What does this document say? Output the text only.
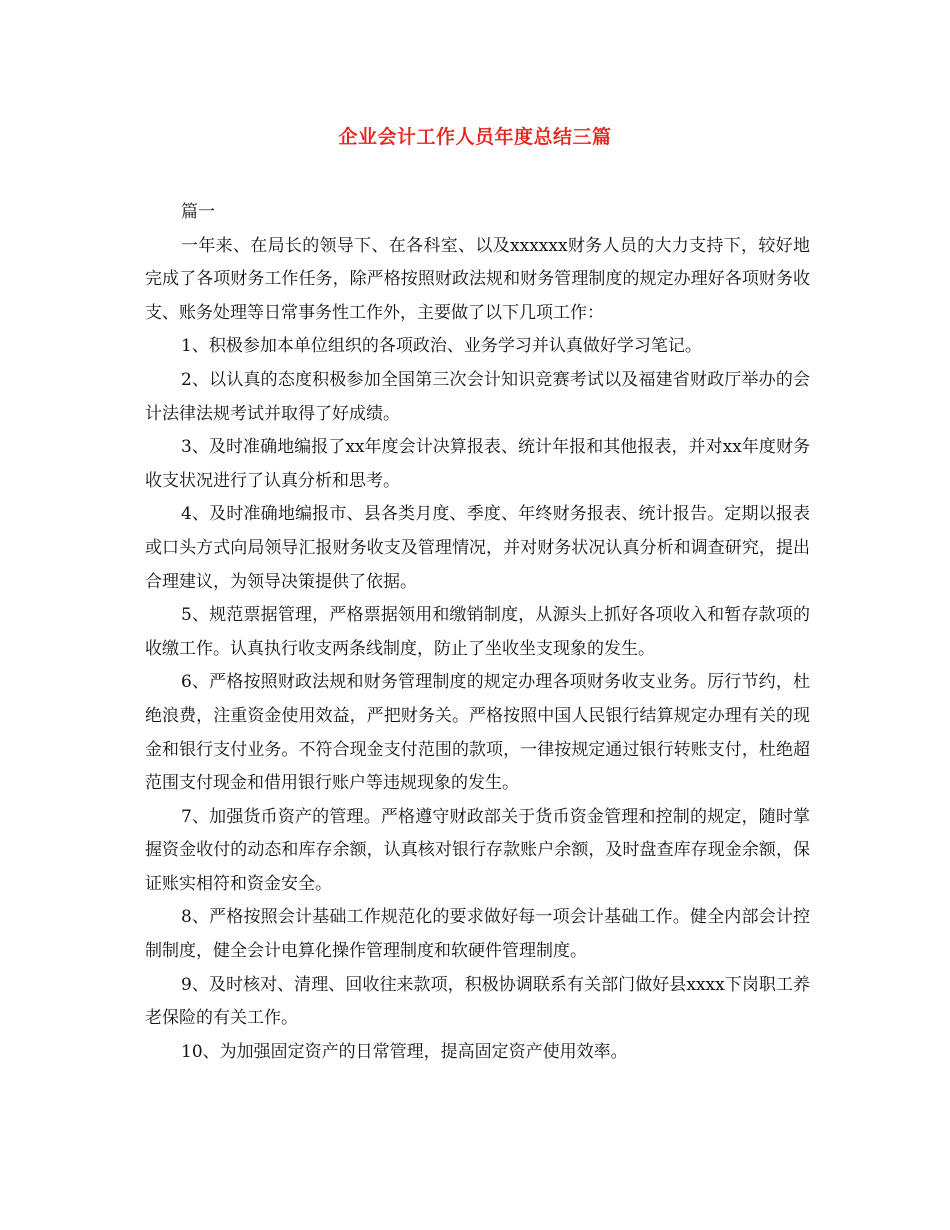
企业会计工作人员年度总结三篇

篇一

一年来、在局长的领导下、在各科室、以及xxxxxx财务人员的大力支持下，较好地完成了各项财务工作任务，除严格按照财政法规和财务管理制度的规定办理好各项财务收支、账务处理等日常事务性工作外，主要做了以下几项工作：

1、积极参加本单位组织的各项政治、业务学习并认真做好学习笔记。

2、以认真的态度积极参加全国第三次会计知识竞赛考试以及福建省财政厅举办的会计法律法规考试并取得了好成绩。

3、及时准确地编报了xx年度会计决算报表、统计年报和其他报表，并对xx年度财务收支状况进行了认真分析和思考。

4、及时准确地编报市、县各类月度、季度、年终财务报表、统计报告。定期以报表或口头方式向局领导汇报财务收支及管理情况，并对财务状况认真分析和调查研究，提出合理建议，为领导决策提供了依据。

5、规范票据管理，严格票据领用和缴销制度，从源头上抓好各项收入和暂存款项的收缴工作。认真执行收支两条线制度，防止了坐收坐支现象的发生。

6、严格按照财政法规和财务管理制度的规定办理各项财务收支业务。厉行节约，杜绝浪费，注重资金使用效益，严把财务关。严格按照中国人民银行结算规定办理有关的现金和银行支付业务。不符合现金支付范围的款项，一律按规定通过银行转账支付，杜绝超范围支付现金和借用银行账户等违规现象的发生。

7、加强货币资产的管理。严格遵守财政部关于货币资金管理和控制的规定，随时掌握资金收付的动态和库存余额，认真核对银行存款账户余额，及时盘查库存现金余额，保证账实相符和资金安全。

8、严格按照会计基础工作规范化的要求做好每一项会计基础工作。健全内部会计控制制度，健全会计电算化操作管理制度和软硬件管理制度。

9、及时核对、清理、回收往来款项，积极协调联系有关部门做好县xxxx下岗职工养老保险的有关工作。

10、为加强固定资产的日常管理，提高固定资产使用效率。
